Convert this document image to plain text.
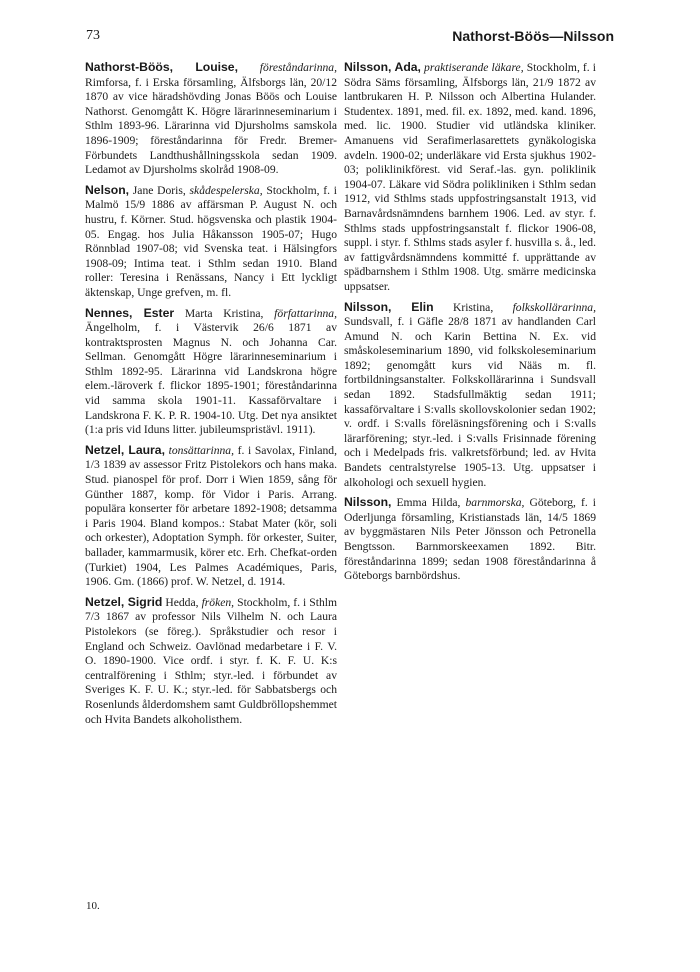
73	Nathorst-Böös—Nilsson

Nathorst-Böös, Louise, föreståndarinna, Rimforsa, f. i Erska församling, Älfsborgs län, 20/12 1870 av vice häradshövding Jonas Böös och Louise Nathorst. Genomgått K. Högre lärarinneseminarium i Sthlm 1893-96. Lärarinna vid Djursholms samskola 1896-1909; föreståndarinna för Fredr. Bremer-Förbundets Landthushållningsskola sedan 1909. Ledamot av Djursholms skolråd 1908-09.

Nelson, Jane Doris, skådespelerska, Stockholm, f. i Malmö 15/9 1886 av affärsman P. August N. och hustru, f. Körner. Stud. högsvenska och plastik 1904-05. Engag. hos Julia Håkansson 1905-07; Hugo Rönnblad 1907-08; vid Svenska teat. i Hälsingfors 1908-09; Intima teat. i Sthlm sedan 1910. Bland roller: Teresina i Renässans, Nancy i Ett lyckligt äktenskap, Unge grefven, m. fl.

Nennes, Ester Marta Kristina, författarinna, Ängelholm, f. i Västervik 26/6 1871 av kontraktsprosten Magnus N. och Johanna Car. Sellman. Genomgått Högre lärarinneseminarium i Sthlm 1892-95. Lärarinna vid Landskrona högre elem.-läroverk f. flickor 1895-1901; föreståndarinna vid samma skola 1901-11. Kassaförvaltare i Landskrona F. K. P. R. 1904-10. Utg. Det nya ansiktet (1:a pris vid Iduns litter. jubileumspristävl. 1911).

Netzel, Laura, tonsättarinna, f. i Savolax, Finland, 1/3 1839 av assessor Fritz Pistolekors och hans maka. Stud. pianospel för prof. Dorr i Wien 1859, sång för Günther 1887, komp. för Vidor i Paris. Arrang. populära konserter för arbetare 1892-1908; detsamma i Paris 1904. Bland kompos.: Stabat Mater (kör, soli och orkester), Adoptation Symph. för orkester, Suiter, ballader, kammarmusik, körer etc. Erh. Chefkat-orden (Turkiet) 1904, Les Palmes Académiques, Paris, 1906. Gm. (1866) prof. W. Netzel, d. 1914.

Netzel, Sigrid Hedda, fröken, Stockholm, f. i Sthlm 7/3 1867 av professor Nils Vilhelm N. och Laura Pistolekors (se föreg.). Språkstudier och resor i England och Schweiz. Oavlönad medarbetare i F. V. O. 1890-1900. Vice ordf. i styr. f. K. F. U. K:s centralförening i Sthlm; styr.-led. i förbundet av Sveriges K. F. U. K.; styr.-led. för Sabbatsbergs och Rosenlunds ålderdomshem samt Guldbröllopshemmet och Hvita Bandets alkoholisthem.

Nilsson, Ada, praktiserande läkare, Stockholm, f. i Södra Säms församling, Älfsborgs län, 21/9 1872 av lantbrukaren H. P. Nilsson och Albertina Hulander. Studentex. 1891, med. fil. ex. 1892, med. kand. 1896, med. lic. 1900. Studier vid utländska kliniker. Amanuens vid Serafimerlasarettets gynäkologiska avdeln. 1900-02; underläkare vid Ersta sjukhus 1902-03; poliklinikförest. vid Seraf.-las. gyn. poliklinik 1904-07. Läkare vid Södra polikliniken i Sthlm sedan 1912, vid Sthlms stads uppfostringsanstalt 1913, vid Barnavårdsnämndens barnhem 1906. Led. av styr. f. Sthlms stads uppfostringsanstalt f. flickor 1906-08, suppl. i styr. f. Sthlms stads asyler f. husvilla s. å., led. av fattigvårdsnämndens kommitté f. upprättande av spädbarnshem i Sthlm 1908. Utg. smärre medicinska uppsatser.

Nilsson, Elin Kristina, folkskollärarinna, Sundsvall, f. i Gäfle 28/8 1871 av handlanden Carl Amund N. och Karin Bettina N. Ex. vid småskoleseminarium 1890, vid folkskoleseminarium 1892; genomgått kurs vid Nääs m. fl. fortbildningsanstalter. Folkskollärarinna i Sundsvall sedan 1892. Stadsfullmäktig sedan 1911; kassaförvaltare i S:valls skollovskolonier sedan 1902; v. ordf. i S:valls föreläsningsförening och i S:valls lärarförening; styr.-led. i S:valls Frisinnade förening och i Medelpads fris. valkretsförbund; led. av Hvita Bandets centralstyrelse 1905-13. Utg. uppsatser i alkohologi och sexuell hygien.

Nilsson, Emma Hilda, barnmorska, Göteborg, f. i Oderljunga församling, Kristianstads län, 14/5 1869 av byggmästaren Nils Peter Jönsson och Petronella Bengtsson. Barnmorskeexamen 1892. Bitr. föreståndarinna 1899; sedan 1908 föreståndarinna å Göteborgs barnbördshus.

10.
